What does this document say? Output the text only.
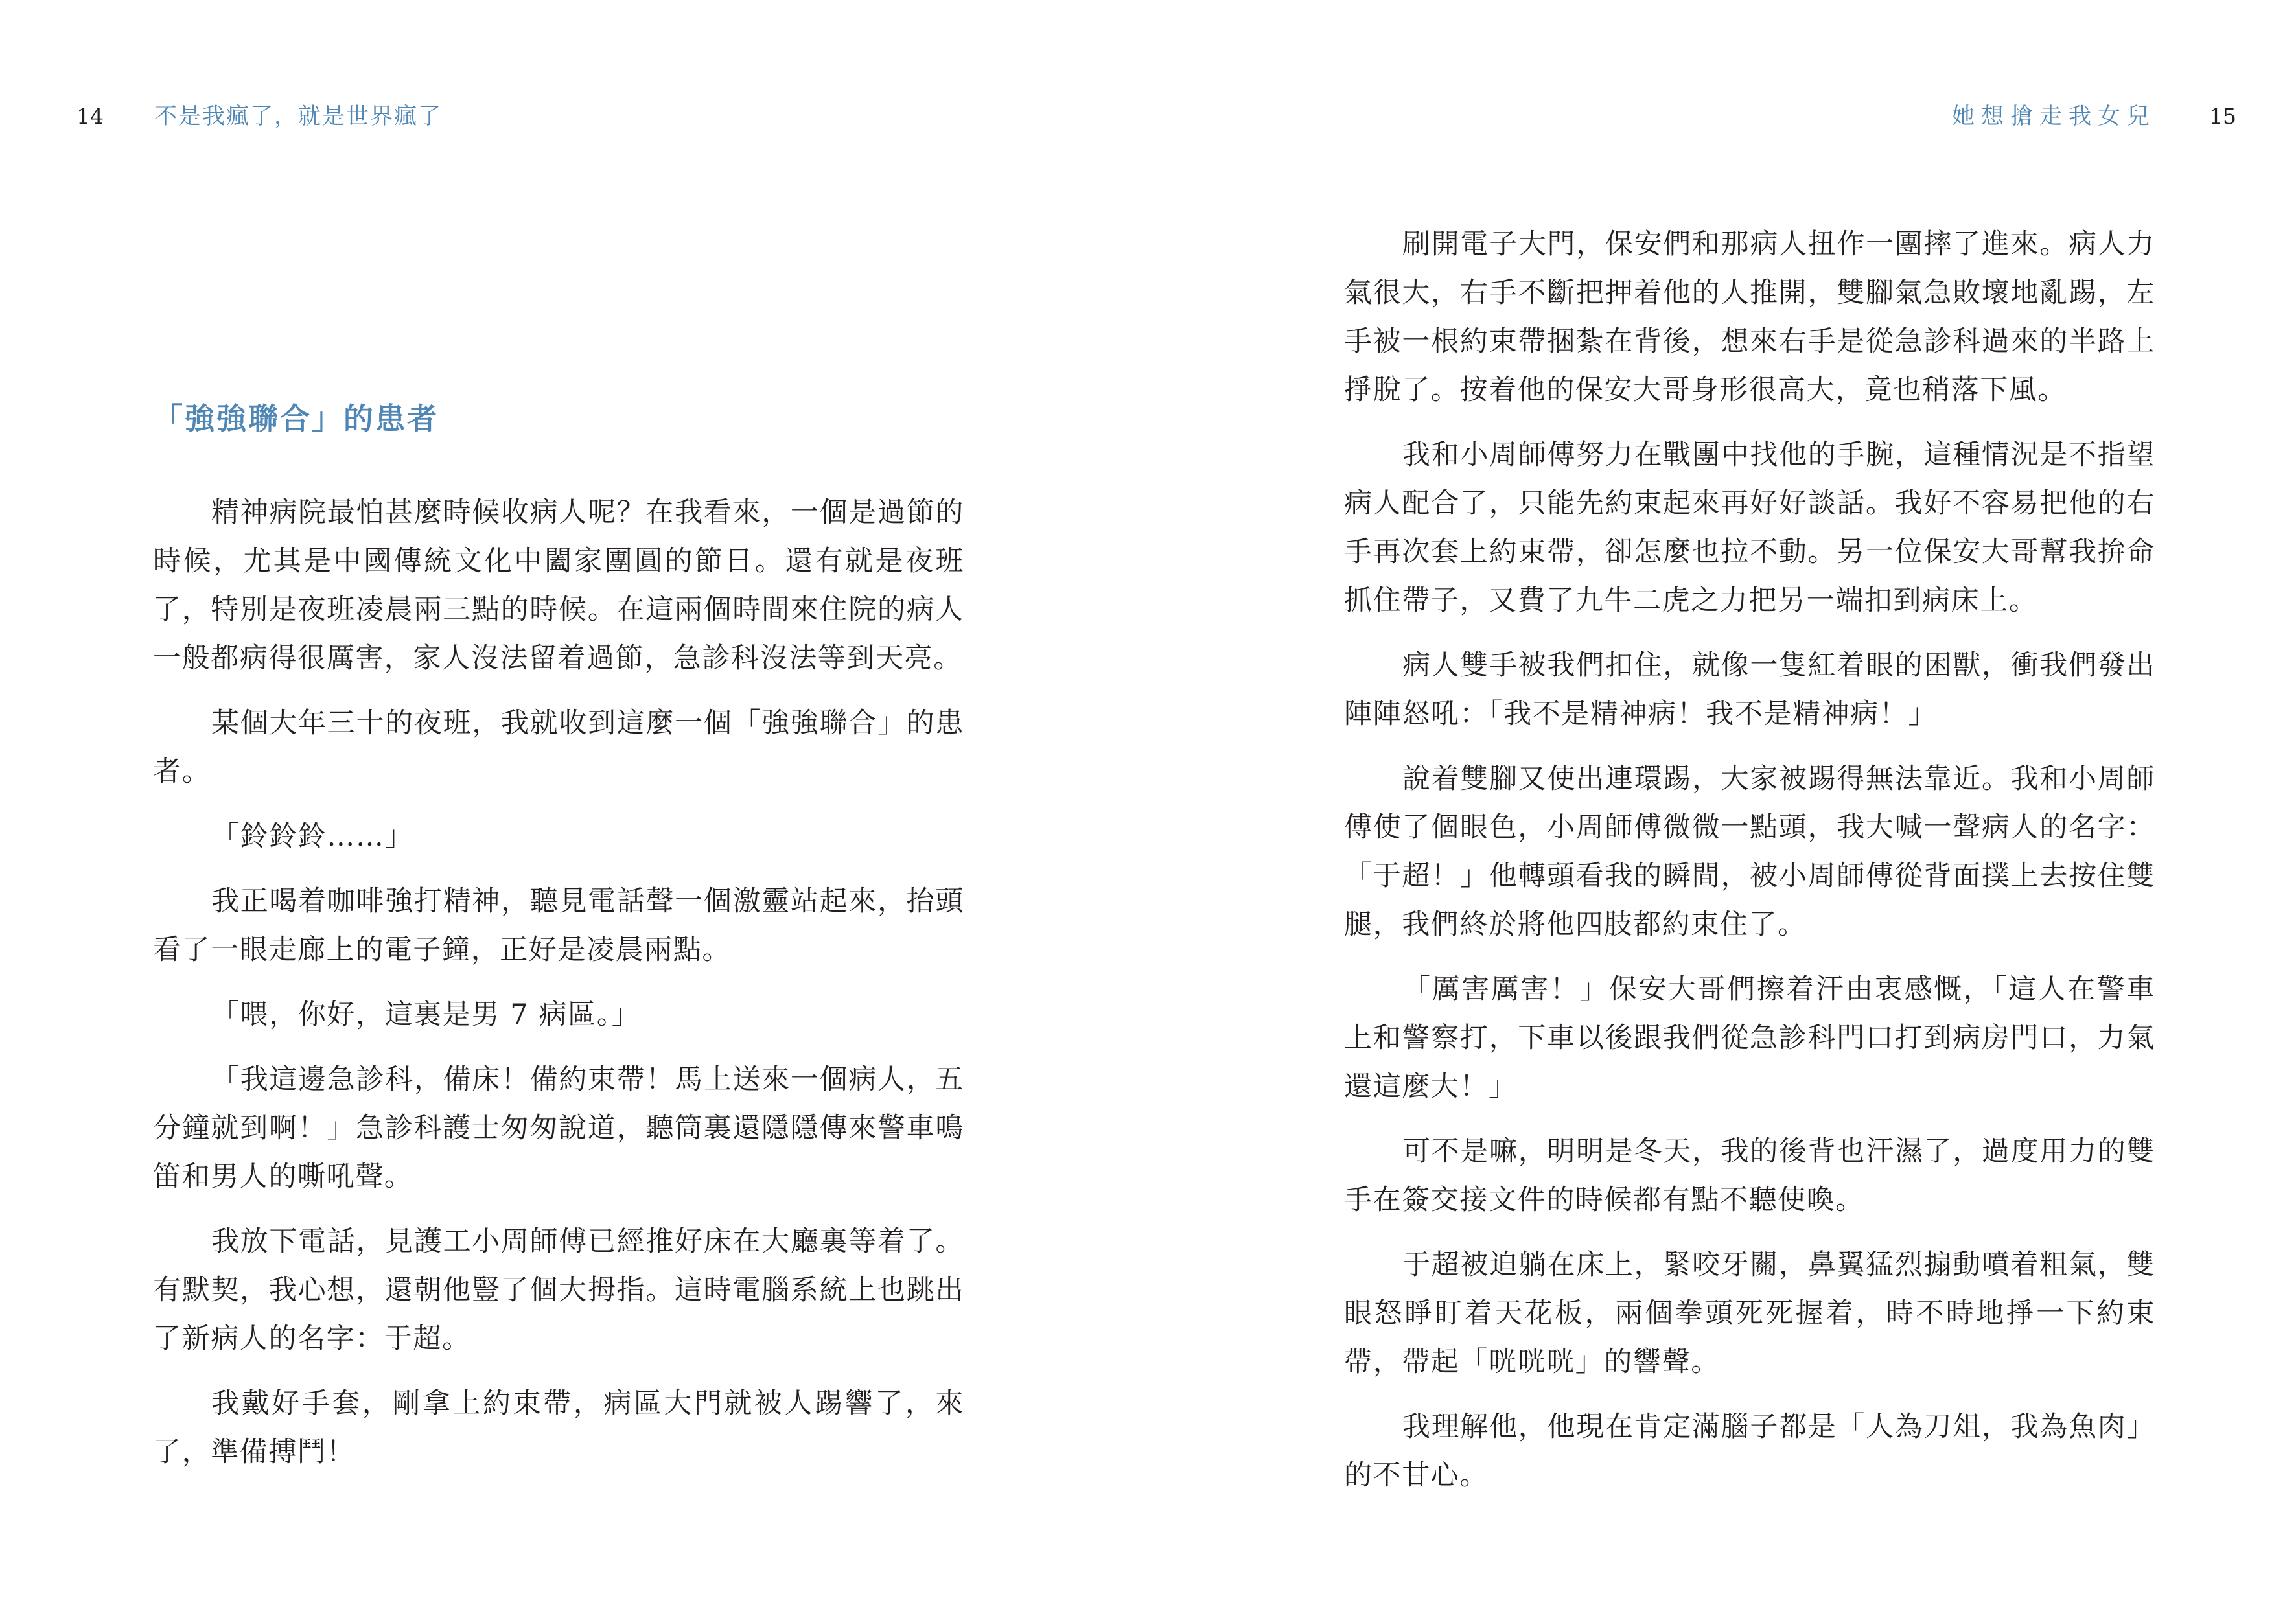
14 不是我瘋了，就是世界瘋了
「強強聯合」的患者

精神病院最怕甚麼時候收病人呢？在我看來，一個是過節的時候，尤其是中國傳統文化中闔家團圓的節日。還有就是夜班了，特別是夜班凌晨兩三點的時候。在這兩個時間來住院的病人一般都病得很厲害，家人沒法留着過節，急診科沒法等到天亮。

某個大年三十的夜班，我就收到這麼一個「強強聯合」的患者。

「鈴鈴鈴……」

我正喝着咖啡強打精神，聽見電話聲一個激靈站起來，抬頭看了一眼走廊上的電子鐘，正好是凌晨兩點。

「喂，你好，這裏是男 7 病區。」

「我這邊急診科，備床！備約束帶！馬上送來一個病人，五分鐘就到啊！」急診科護士匆匆說道，聽筒裏還隱隱傳來警車鳴笛和男人的嘶吼聲。

我放下電話，見護工小周師傅已經推好床在大廳裏等着了。有默契，我心想，還朝他豎了個大拇指。這時電腦系統上也跳出了新病人的名字：于超。

我戴好手套，剛拿上約束帶，病區大門就被人踢響了，來了，準備搏鬥！

她想搶走我女兒 15

刷開電子大門，保安們和那病人扭作一團摔了進來。病人力氣很大，右手不斷把押着他的人推開，雙腳氣急敗壞地亂踢，左手被一根約束帶捆紮在背後，想來右手是從急診科過來的半路上掙脫了。按着他的保安大哥身形很高大，竟也稍落下風。

我和小周師傅努力在戰團中找他的手腕，這種情況是不指望病人配合了，只能先約束起來再好好談話。我好不容易把他的右手再次套上約束帶，卻怎麼也拉不動。另一位保安大哥幫我拚命抓住帶子，又費了九牛二虎之力把另一端扣到病床上。

病人雙手被我們扣住，就像一隻紅着眼的困獸，衝我們發出陣陣怒吼：「我不是精神病！我不是精神病！」

說着雙腳又使出連環踢，大家被踢得無法靠近。我和小周師傅使了個眼色，小周師傅微微一點頭，我大喊一聲病人的名字：「于超！」他轉頭看我的瞬間，被小周師傅從背面撲上去按住雙腿，我們終於將他四肢都約束住了。

「厲害厲害！」保安大哥們擦着汗由衷感慨，「這人在警車上和警察打，下車以後跟我們從急診科門口打到病房門口，力氣還這麼大！」

可不是嘛，明明是冬天，我的後背也汗濕了，過度用力的雙手在簽交接文件的時候都有點不聽使喚。

于超被迫躺在床上，緊咬牙關，鼻翼猛烈搧動噴着粗氣，雙眼怒睜盯着天花板，兩個拳頭死死握着，時不時地掙一下約束帶，帶起「咣咣咣」的響聲。

我理解他，他現在肯定滿腦子都是「人為刀俎，我為魚肉」的不甘心。
